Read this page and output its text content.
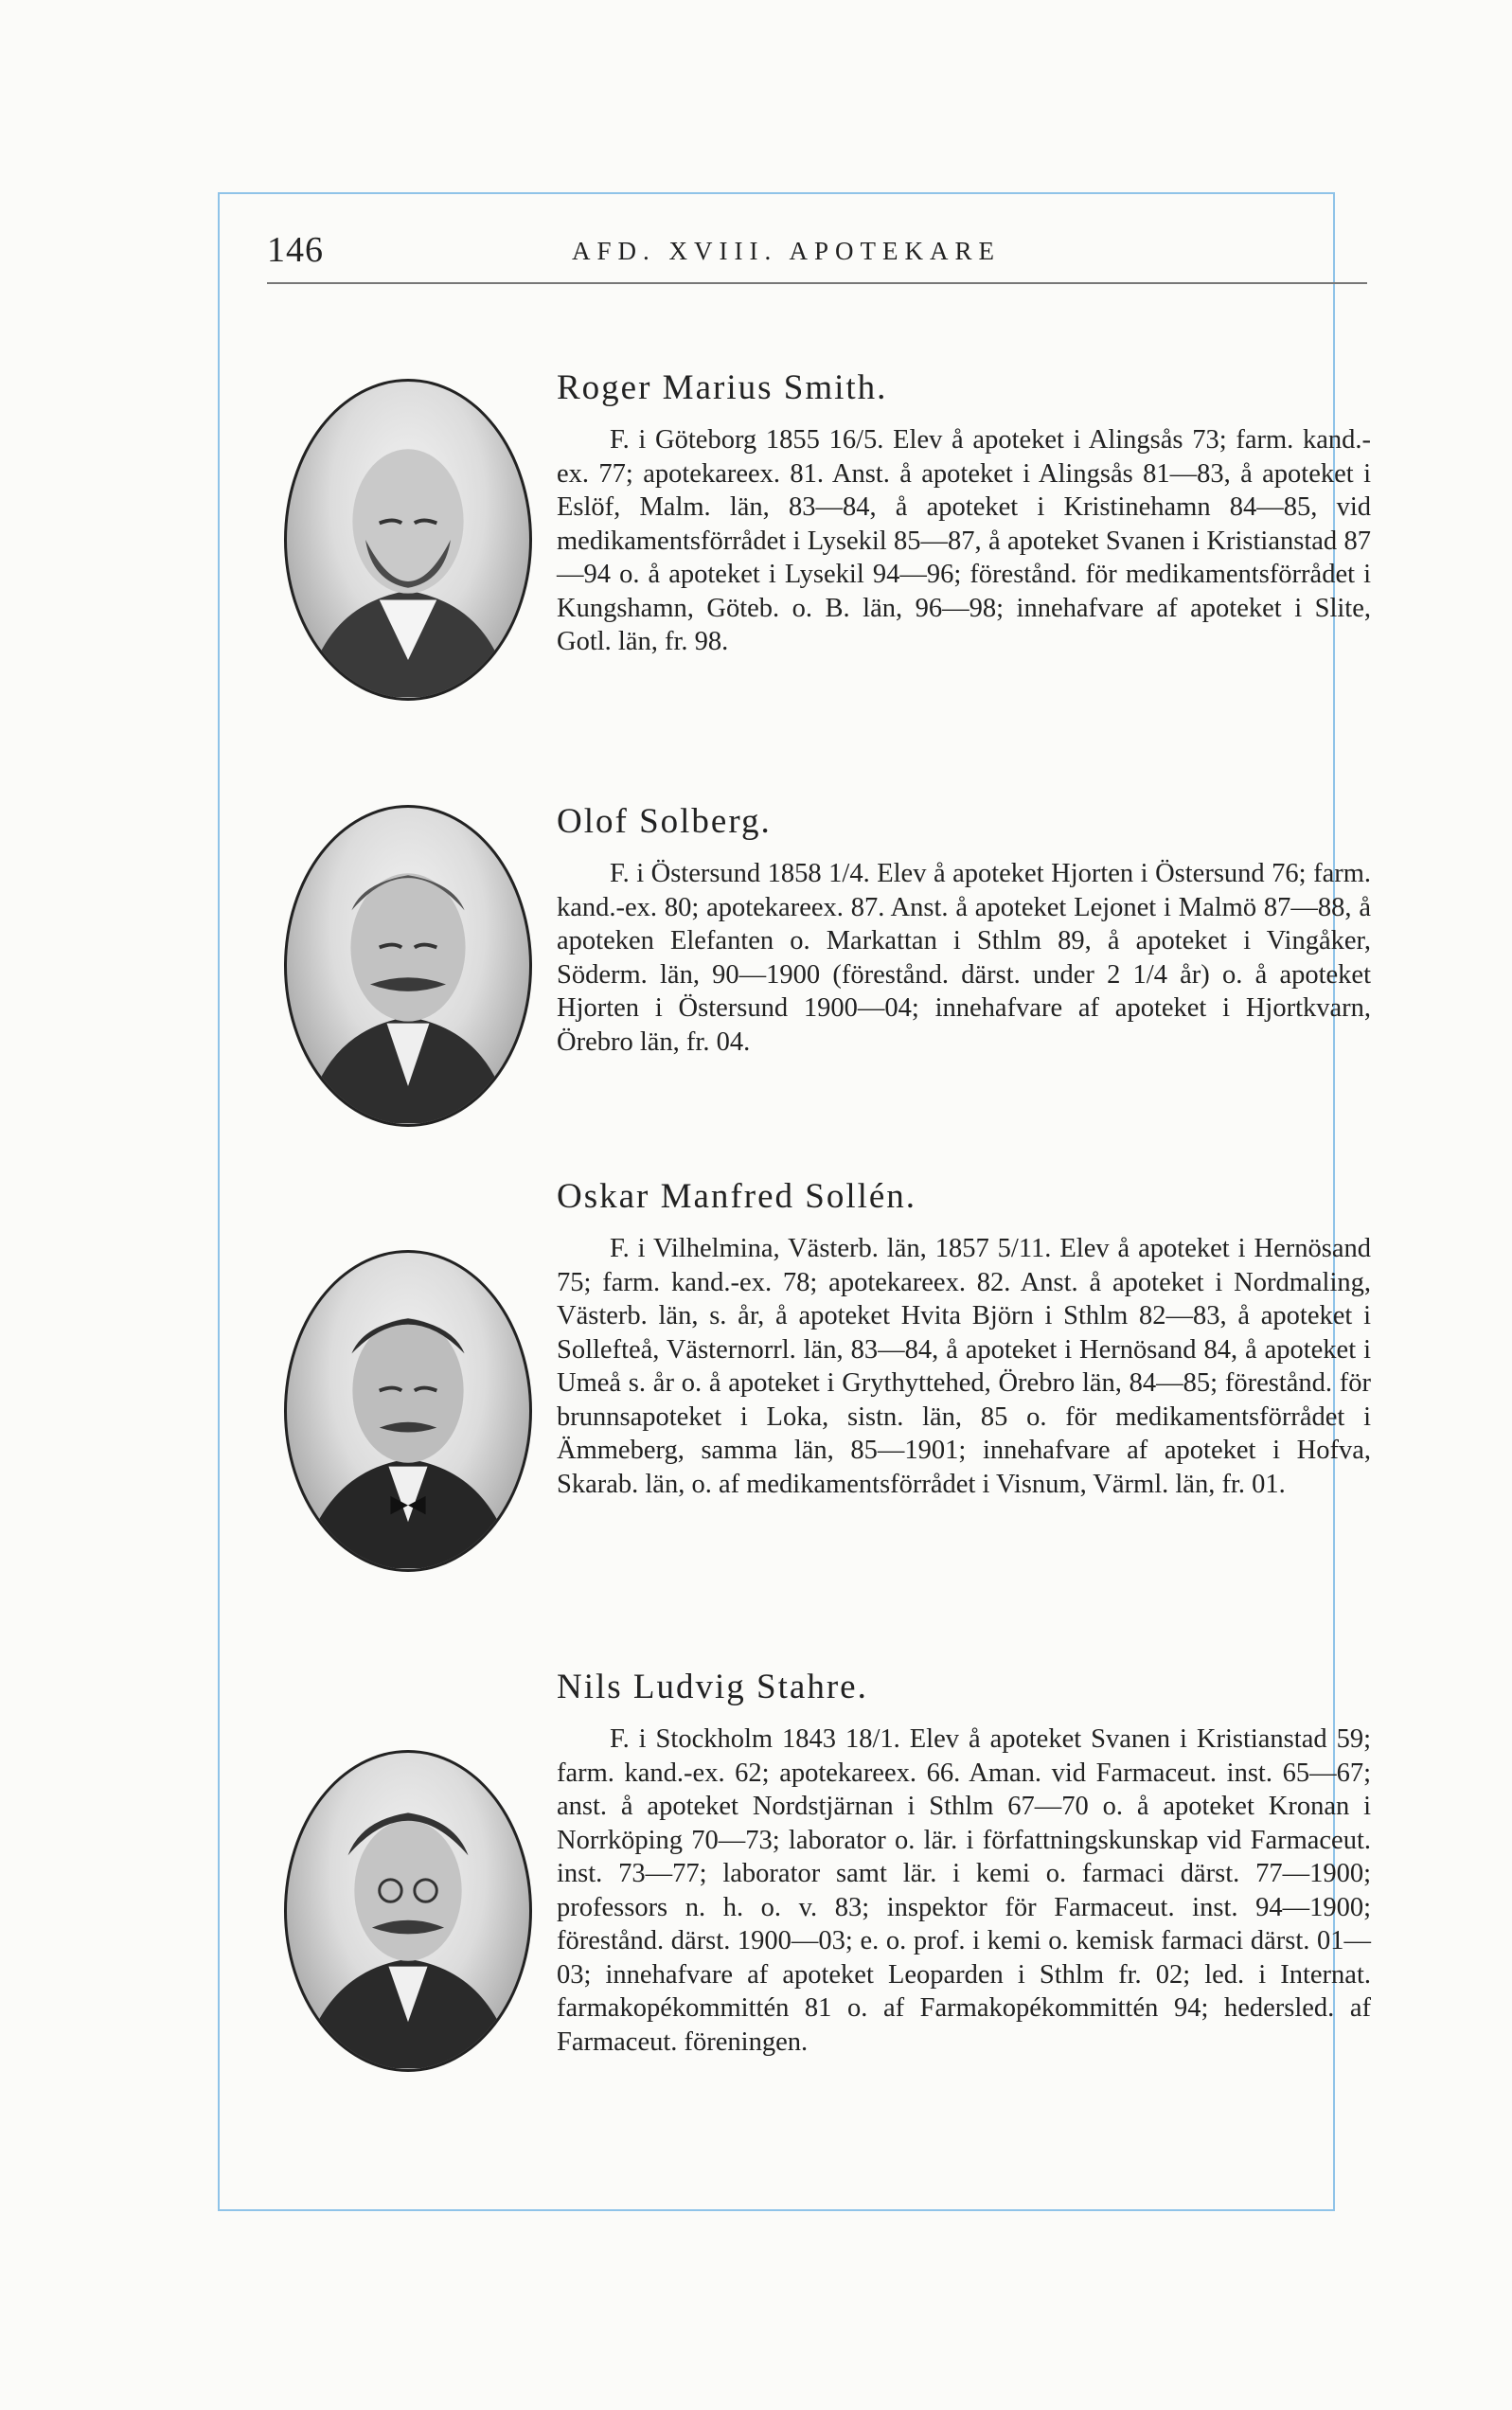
146	AFD. XVIII. APOTEKARE
Roger Marius Smith.

F. i Göteborg 1855 16/5. Elev å apoteket i Alingsås 73; farm. kand.-ex. 77; apotekareex. 81. Anst. å apoteket i Alingsås 81—83, å apoteket i Eslöf, Malm. län, 83—84, å apoteket i Kristinehamn 84—85, vid medikamentsförrådet i Lysekil 85—87, å apoteket Svanen i Kristianstad 87—94 o. å apoteket i Lysekil 94—96; förestånd. för medikamentsförrådet i Kungshamn, Göteb. o. B. län, 96—98; innehafvare af apoteket i Slite, Gotl. län, fr. 98.

Olof Solberg.

F. i Östersund 1858 1/4. Elev å apoteket Hjorten i Östersund 76; farm. kand.-ex. 80; apotekareex. 87. Anst. å apoteket Lejonet i Malmö 87—88, å apoteken Elefanten o. Markattan i Sthlm 89, å apoteket i Vingåker, Söderm. län, 90—1900 (förestånd. därst. under 2 1/4 år) o. å apoteket Hjorten i Östersund 1900—04; innehafvare af apoteket i Hjortkvarn, Örebro län, fr. 04.

Oskar Manfred Sollén.

F. i Vilhelmina, Västerb. län, 1857 5/11. Elev å apoteket i Hernösand 75; farm. kand.-ex. 78; apotekareex. 82. Anst. å apoteket i Nordmaling, Västerb. län, s. år, å apoteket Hvita Björn i Sthlm 82—83, å apoteket i Sollefteå, Västernorrl. län, 83—84, å apoteket i Hernösand 84, å apoteket i Umeå s. år o. å apoteket i Grythyttehed, Örebro län, 84—85; förestånd. för brunnsapoteket i Loka, sistn. län, 85 o. för medikamentsförrådet i Ämmeberg, samma län, 85—1901; innehafvare af apoteket i Hofva, Skarab. län, o. af medikamentsförrådet i Visnum, Värml. län, fr. 01.

Nils Ludvig Stahre.

F. i Stockholm 1843 18/1. Elev å apoteket Svanen i Kristianstad 59; farm. kand.-ex. 62; apotekareex. 66. Aman. vid Farmaceut. inst. 65—67; anst. å apoteket Nordstjärnan i Sthlm 67—70 o. å apoteket Kronan i Norrköping 70—73; laborator o. lär. i författningskunskap vid Farmaceut. inst. 73—77; laborator samt lär. i kemi o. farmaci därst. 77—1900; professors n. h. o. v. 83; inspektor för Farmaceut. inst. 94—1900; förestånd. därst. 1900—03; e. o. prof. i kemi o. kemisk farmaci därst. 01—03; innehafvare af apoteket Leoparden i Sthlm fr. 02; led. i Internat. farmakopékommittén 81 o. af Farmakopékommittén 94; hedersled. af Farmaceut. föreningen.
